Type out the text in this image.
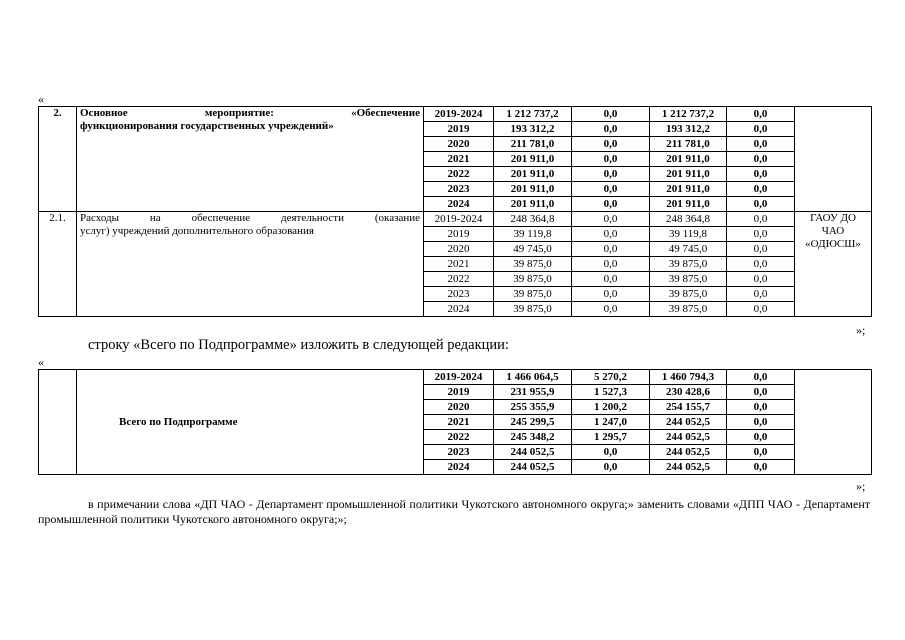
«
2.	Основное мероприятие: «Обеспечение
функционирования государственных учреждений»	2019-2024	1 212 737,2	0,0	1 212 737,2	0,0	
		2019	193 312,2	0,0	193 312,2	0,0	
		2020	211 781,0	0,0	211 781,0	0,0	
		2021	201 911,0	0,0	201 911,0	0,0	
		2022	201 911,0	0,0	201 911,0	0,0	
		2023	201 911,0	0,0	201 911,0	0,0	
		2024	201 911,0	0,0	201 911,0	0,0	
2.1.	Расходы на обеспечение деятельности (оказание
услуг) учреждений дополнительного образования	2019-2024	248 364,8	0,0	248 364,8	0,0	ГАОУ ДО ЧАО «ОДЮСШ»
		2019	39 119,8	0,0	39 119,8	0,0	
		2020	49 745,0	0,0	49 745,0	0,0	
		2021	39 875,0	0,0	39 875,0	0,0	
		2022	39 875,0	0,0	39 875,0	0,0	
		2023	39 875,0	0,0	39 875,0	0,0	
		2024	39 875,0	0,0	39 875,0	0,0	
»;
строку «Всего по Подпрограмме» изложить в следующей редакции:
«
	Всего по Подпрограмме	2019-2024	1 466 064,5	5 270,2	1 460 794,3	0,0	
		2019	231 955,9	1 527,3	230 428,6	0,0	
		2020	255 355,9	1 200,2	254 155,7	0,0	
		2021	245 299,5	1 247,0	244 052,5	0,0	
		2022	245 348,2	1 295,7	244 052,5	0,0	
		2023	244 052,5	0,0	244 052,5	0,0	
		2024	244 052,5	0,0	244 052,5	0,0	
»;
в примечании слова «ДП ЧАО - Департамент промышленной политики Чукотского автономного округа;» заменить словами «ДПП ЧАО - Департамент промышленной политики Чукотского автономного округа;»;
